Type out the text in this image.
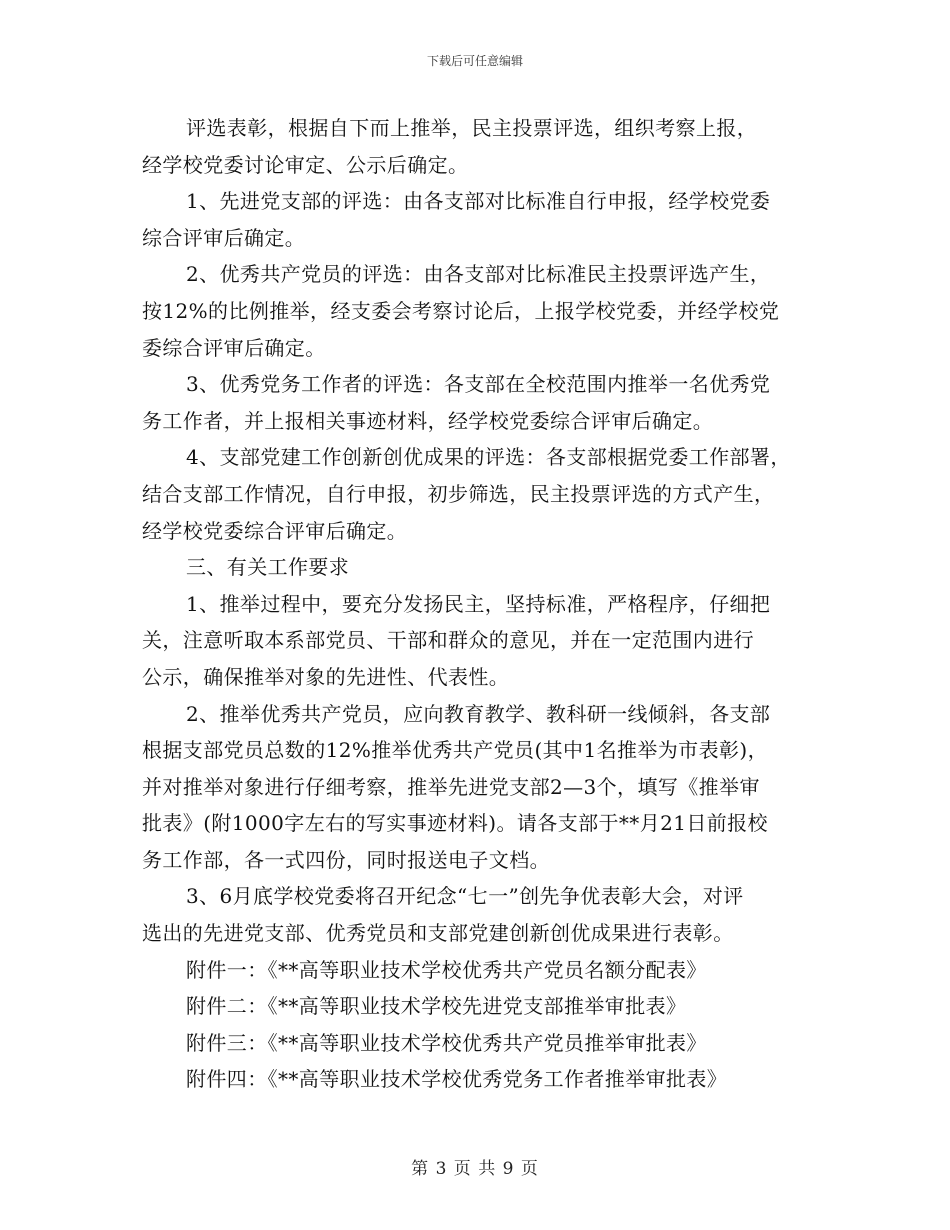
下载后可任意编辑
评选表彰，根据自下而上推举，民主投票评选，组织考察上报，
经学校党委讨论审定、公示后确定。
1、先进党支部的评选：由各支部对比标准自行申报，经学校党委
综合评审后确定。
2、优秀共产党员的评选：由各支部对比标准民主投票评选产生，
按12%的比例推举，经支委会考察讨论后，上报学校党委，并经学校党
委综合评审后确定。
3、优秀党务工作者的评选：各支部在全校范围内推举一名优秀党
务工作者，并上报相关事迹材料，经学校党委综合评审后确定。
4、支部党建工作创新创优成果的评选：各支部根据党委工作部署，
结合支部工作情况，自行申报，初步筛选，民主投票评选的方式产生，
经学校党委综合评审后确定。
三、有关工作要求
1、推举过程中，要充分发扬民主，坚持标准，严格程序，仔细把
关，注意听取本系部党员、干部和群众的意见，并在一定范围内进行
公示，确保推举对象的先进性、代表性。
2、推举优秀共产党员，应向教育教学、教科研一线倾斜，各支部
根据支部党员总数的12%推举优秀共产党员(其中1名推举为市表彰)，
并对推举对象进行仔细考察，推举先进党支部2—3个，填写《推举审
批表》(附1000字左右的写实事迹材料)。请各支部于**月21日前报校
务工作部，各一式四份，同时报送电子文档。
3、6月底学校党委将召开纪念“七一”创先争优表彰大会，对评
选出的先进党支部、优秀党员和支部党建创新创优成果进行表彰。
附件一：《**高等职业技术学校优秀共产党员名额分配表》
附件二：《**高等职业技术学校先进党支部推举审批表》
附件三：《**高等职业技术学校优秀共产党员推举审批表》
附件四：《**高等职业技术学校优秀党务工作者推举审批表》
第 3 页 共 9 页
